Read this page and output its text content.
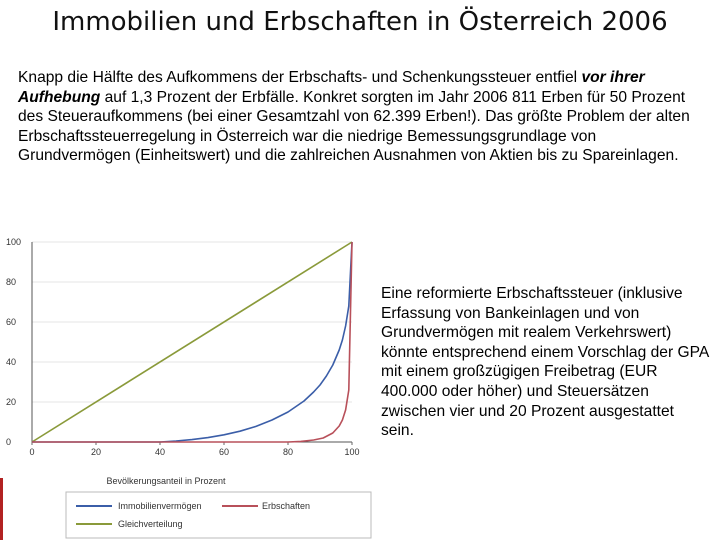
Immobilien und Erbschaften in Österreich 2006
Knapp die Hälfte des Aufkommens der Erbschafts- und Schenkungssteuer entfiel vor ihrer Aufhebung auf 1,3 Prozent der Erbfälle. Konkret sorgten im Jahr 2006 811 Erben für 50 Prozent des Steueraufkommens (bei einer Gesamtzahl von 62.399 Erben!). Das größte Problem der alten Erbschaftssteuerregelung in Österreich war die niedrige Bemessungsgrundlage von Grundvermögen (Einheitswert) und die zahlreichen Ausnahmen von Aktien bis zu Spareinlagen.
0
20
40
60
80
100
0	20	40	60	80	100
Bevölkerungsanteil in Prozent
Immobilienvermögen	Erbschaften
Gleichverteilung
Eine reformierte Erbschaftssteuer (inklusive Erfassung von Bankeinlagen und von Grundvermögen mit realem Verkehrswert) könnte entsprechend einem Vorschlag der GPA mit einem großzügigen Freibetrag (EUR 400.000 oder höher) und Steuersätzen zwischen vier und 20 Prozent ausgestattet sein.
